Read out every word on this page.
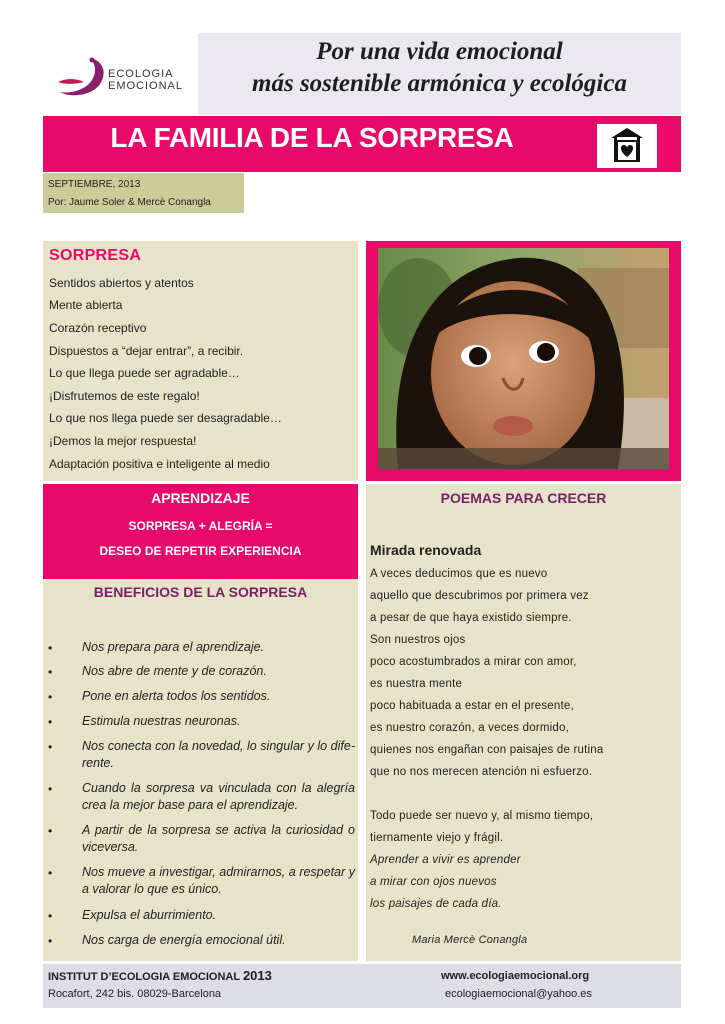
ECOLOGIA
EMOCIONAL
Por una vida emocional
más sostenible armónica y ecológica
LA FAMILIA DE LA SORPRESA
SEPTIEMBRE, 2013
Por: Jaume Soler & Mercè Conangla
SORPRESA
Sentidos abiertos y atentos
Mente abierta
Corazón receptivo
Dispuestos a “dejar entrar”, a recibir.
Lo que llega puede ser agradable…
¡Disfrutemos de este regalo!
Lo que nos llega puede ser desagradable…
¡Demos la mejor respuesta!
Adaptación positiva e inteligente al medio
APRENDIZAJE
SORPRESA + ALEGRÍA =
DESEO DE REPETIR EXPERIENCIA
BENEFICIOS DE LA SORPRESA
• Nos prepara para el aprendizaje.
• Nos abre de mente y de corazón.
• Pone en alerta todos los sentidos.
• Estimula nuestras neuronas.
• Nos conecta con la novedad, lo singular y lo dife-rente.
• Cuando la sorpresa va vinculada con la alegría crea la mejor base para el aprendizaje.
• A partir de la sorpresa se activa la curiosidad o viceversa.
• Nos mueve a investigar, admirarnos, a respetar y a valorar lo que es único.
• Expulsa el aburrimiento.
• Nos carga de energía emocional útil.
POEMAS PARA CRECER
Mirada renovada
A veces deducimos que es nuevo
aquello que descubrimos por primera vez
a pesar de que haya existido siempre.
Son nuestros ojos
poco acostumbrados a mirar con amor,
es nuestra mente
poco habituada a estar en el presente,
es nuestro corazón, a veces dormido,
quienes nos engañan con paisajes de rutina
que no nos merecen atención ni esfuerzo.
Todo puede ser nuevo y, al mismo tiempo,
tiernamente viejo y frágil.
Aprender a vivir es aprender
a mirar con ojos nuevos
los paisajes de cada día.
Maria Mercè Conangla
INSTITUT D’ECOLOGIA EMOCIONAL 2013
Rocafort, 242 bis. 08029-Barcelona
www.ecologiaemocional.org
ecologiaemocional@yahoo.es
